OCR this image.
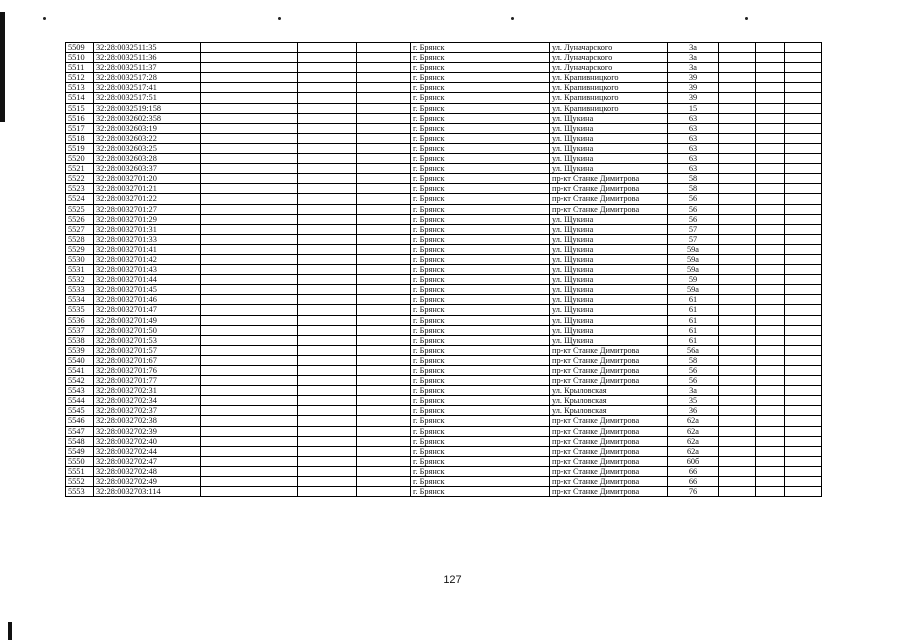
5509	32:28:0032511:35				г. Брянск	ул. Луначарского	3а			
5510	32:28:0032511:36				г. Брянск	ул. Луначарского	3а			
5511	32:28:0032511:37				г. Брянск	ул. Луначарского	3а			
5512	32:28:0032517:28				г. Брянск	ул. Крапивницкого	39			
5513	32:28:0032517:41				г. Брянск	ул. Крапивницкого	39			
5514	32:28:0032517:51				г. Брянск	ул. Крапивницкого	39			
5515	32:28:0032519:158				г. Брянск	ул. Крапивницкого	15			
5516	32:28:0032602:358				г. Брянск	ул. Щукина	63			
5517	32:28:0032603:19				г. Брянск	ул. Щукина	63			
5518	32:28:0032603:22				г. Брянск	ул. Щукина	63			
5519	32:28:0032603:25				г. Брянск	ул. Щукина	63			
5520	32:28:0032603:28				г. Брянск	ул. Щукина	63			
5521	32:28:0032603:37				г. Брянск	ул. Щукина	63			
5522	32:28:0032701:20				г. Брянск	пр-кт Станке Димитрова	58			
5523	32:28:0032701:21				г. Брянск	пр-кт Станке Димитрова	58			
5524	32:28:0032701:22				г. Брянск	пр-кт Станке Димитрова	56			
5525	32:28:0032701:27				г. Брянск	пр-кт Станке Димитрова	56			
5526	32:28:0032701:29				г. Брянск	ул. Щукина	56			
5527	32:28:0032701:31				г. Брянск	ул. Щукина	57			
5528	32:28:0032701:33				г. Брянск	ул. Щукина	57			
5529	32:28:0032701:41				г. Брянск	ул. Щукина	59а			
5530	32:28:0032701:42				г. Брянск	ул. Щукина	59а			
5531	32:28:0032701:43				г. Брянск	ул. Щукина	59а			
5532	32:28:0032701:44				г. Брянск	ул. Щукина	59			
5533	32:28:0032701:45				г. Брянск	ул. Щукина	59а			
5534	32:28:0032701:46				г. Брянск	ул. Щукина	61			
5535	32:28:0032701:47				г. Брянск	ул. Щукина	61			
5536	32:28:0032701:49				г. Брянск	ул. Щукина	61			
5537	32:28:0032701:50				г. Брянск	ул. Щукина	61			
5538	32:28:0032701:53				г. Брянск	ул. Щукина	61			
5539	32:28:0032701:57				г. Брянск	пр-кт Станке Димитрова	56а			
5540	32:28:0032701:67				г. Брянск	пр-кт Станке Димитрова	58			
5541	32:28:0032701:76				г. Брянск	пр-кт Станке Димитрова	56			
5542	32:28:0032701:77				г. Брянск	пр-кт Станке Димитрова	56			
5543	32:28:0032702:31				г. Брянск	ул. Крыловская	3а			
5544	32:28:0032702:34				г. Брянск	ул. Крыловская	35			
5545	32:28:0032702:37				г. Брянск	ул. Крыловская	36			
5546	32:28:0032702:38				г. Брянск	пр-кт Станке Димитрова	62а			
5547	32:28:0032702:39				г. Брянск	пр-кт Станке Димитрова	62а			
5548	32:28:0032702:40				г. Брянск	пр-кт Станке Димитрова	62а			
5549	32:28:0032702:44				г. Брянск	пр-кт Станке Димитрова	62а			
5550	32:28:0032702:47				г. Брянск	пр-кт Станке Димитрова	60б			
5551	32:28:0032702:48				г. Брянск	пр-кт Станке Димитрова	66			
5552	32:28:0032702:49				г. Брянск	пр-кт Станке Димитрова	66			
5553	32:28:0032703:114				г. Брянск	пр-кт Станке Димитрова	76			
127
